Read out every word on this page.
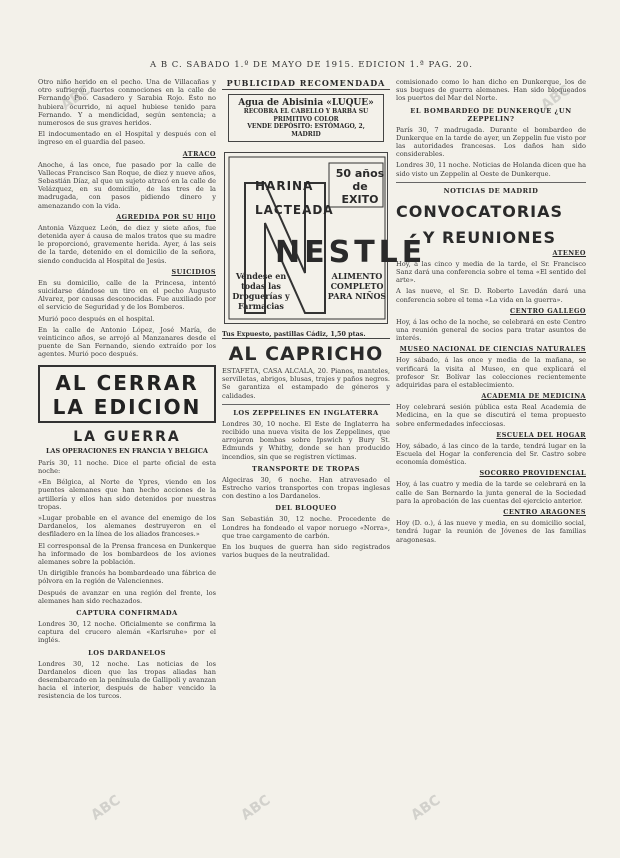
A B C. SABADO 1.º DE MAYO DE 1915. EDICION 1.ª PAG. 20.

Otro niño herido en el pecho. Una de Villacañas y otro sufrieron fuertes conmociones en la calle de Fernando Poo. Casadero y Sarabia Rojo. Ésto no hubiera ocurrido, ni aquel hubiese tenido para Fernando. Y a mendicidad, según sentencia; a numerosos de sus graves heridos.

El indocumentado en el Hospital y después con el ingreso en el guardia del paseo.

ATRACO

Anoche, á las once, fue pasado por la calle de Vallecas Francisco San Roque, de diez y nueve años, Sebastián Díaz, al que un sujeto atracó en la calle de Velázquez, en su domicilio, de las tres de la madrugada, con pasos pidiendo dinero y amenazando con la vida.

AGREDIDA POR SU HIJO

Antonia Vázquez León, de diez y siete años, fue detenida ayer á causa de malos tratos que su madre le proporcionó, gravemente herida. Ayer, á las seis de la tarde, detenido en el domicilio de la señora, siendo conducida al Hospital de Jesús.

SUICIDIOS

En su domicilio, calle de la Princesa, intentó suicidarse dándose un tiro en el pecho Augusto Alvarez, por causas desconocidas. Fue auxiliado por el servicio de Seguridad y de los Bomberos.

Murió poco después en el hospital.

En la calle de Antonio López, José María, de veinticinco años, se arrojó al Manzanares desde el puente de San Fernando, siendo extraído por los agentes. Murió poco después.

AL CERRAR
LA EDICION
LA GUERRA
LAS OPERACIONES EN FRANCIA Y BELGICA

París 30, 11 noche. Dice el parte oficial de esta noche:

«En Bélgica, al Norte de Ypres, viendo en los puentes alemanes que han hecho acciones de la artillería y ellos han sido detenidos por nuestras tropas.

»Lugar probable en el avance del enemigo de los Dardanelos, los alemanes destruyeron en el desfiladero en la línea de los aliados franceses.»

El corresponsal de la Prensa francesa en Dunkerque ha informado de los bombardeos de los aviones alemanes sobre la población.

Un dirigible francés ha bombardeado una fábrica de pólvora en la región de Valenciennes.

Después de avanzar en una región del frente, los alemanes han sido rechazados.

CAPTURA CONFIRMADA

Londres 30, 12 noche. Oficialmente se confirma la captura del crucero alemán «Karlsruhe» por el inglés.

LOS DARDANELOS

Londres 30, 12 noche. Las noticias de los Dardanelos dicen que las tropas aliadas han desembarcado en la península de Gallipoli y avanzan hacia el interior, después de haber vencido la resistencia de los turcos.

PUBLICIDAD RECOMENDADA
Agua de Abisinia «LUQUE»
RECOBRA EL CABELLO Y BARBA SU PRIMITIVO COLOR
VENDE DEPÓSITO: ESTÓMAGO, 2, MADRID
HARINA
LACTEADA
50 años de EXITO
NESTLÉ
Véndese en todas las Droguerías y Farmacias
ALIMENTO COMPLETO PARA NIÑOS
Tus Expuesto, pastillas Cádiz, 1,50 ptas.
AL CAPRICHO

ESTAFETA, CASA ALCALA, 20. Pianos, manteles, servilletas, abrigos, blusas, trajes y paños negros. Se garantiza el estampado de géneros y calidades.

LOS ZEPPELINES EN INGLATERRA

Londres 30, 10 noche. El Este de Inglaterra ha recibido una nueva visita de los Zeppelines, que arrojaron bombas sobre Ipswich y Bury St. Edmunds y Whitby, donde se han producido incendios, sin que se registren víctimas.

TRANSPORTE DE TROPAS

Algeciras 30, 6 noche. Han atravesado el Estrecho varios transportes con tropas inglesas con destino a los Dardanelos.

DEL BLOQUEO

San Sebastián 30, 12 noche. Procedente de Londres ha fondeado el vapor noruego «Norra», que trae cargamento de carbón.

En los buques de guerra han sido registrados varios buques de la neutralidad.

comisionado como lo han dicho en Dunkerque, los de sus buques de guerra alemanes. Han sido bloqueados los puertos del Mar del Norte.

EL BOMBARDEO DE DUNKERQUE ¿UN ZEPPELIN?

París 30, 7 madrugada. Durante el bombardeo de Dunkerque en la tarde de ayer, un Zeppelin fue visto por las autoridades francesas. Los daños han sido considerables.

Londres 30, 11 noche. Noticias de Holanda dicen que ha sido visto un Zeppelin al Oeste de Dunkerque.

NOTICIAS DE MADRID
CONVOCATORIAS
Y REUNIONES
ATENEO

Hoy, á las cinco y media de la tarde, el Sr. Francisco Sanz dará una conferencia sobre el tema «El sentido del arte».

A las nueve, el Sr. D. Roberto Lavedán dará una conferencia sobre el tema «La vida en la guerra».

CENTRO GALLEGO

Hoy, á las ocho de la noche, se celebrará en este Centro una reunión general de socios para tratar asuntos de interés.

MUSEO NACIONAL DE CIENCIAS NATURALES

Hoy sábado, á las once y media de la mañana, se verificará la visita al Museo, en que explicará el profesor Sr. Bolívar las colecciones recientemente adquiridas para el establecimiento.

ACADEMIA DE MEDICINA

Hoy celebrará sesión pública esta Real Academia de Medicina, en la que se discutirá el tema propuesto sobre enfermedades infecciosas.

ESCUELA DEL HOGAR

Hoy, sábado, á las cinco de la tarde, tendrá lugar en la Escuela del Hogar la conferencia del Sr. Castro sobre economía doméstica.

SOCORRO PROVIDENCIAL

Hoy, á las cuatro y media de la tarde se celebrará en la calle de San Bernardo la junta general de la Sociedad para la aprobación de las cuentas del ejercicio anterior.

CENTRO ARAGONES

Hoy (D. o.), á las nueve y media, en su domicilio social, tendrá lugar la reunión de Jóvenes de las familias aragonesas.

ABC	ABC
ABC	ABC	ABC
